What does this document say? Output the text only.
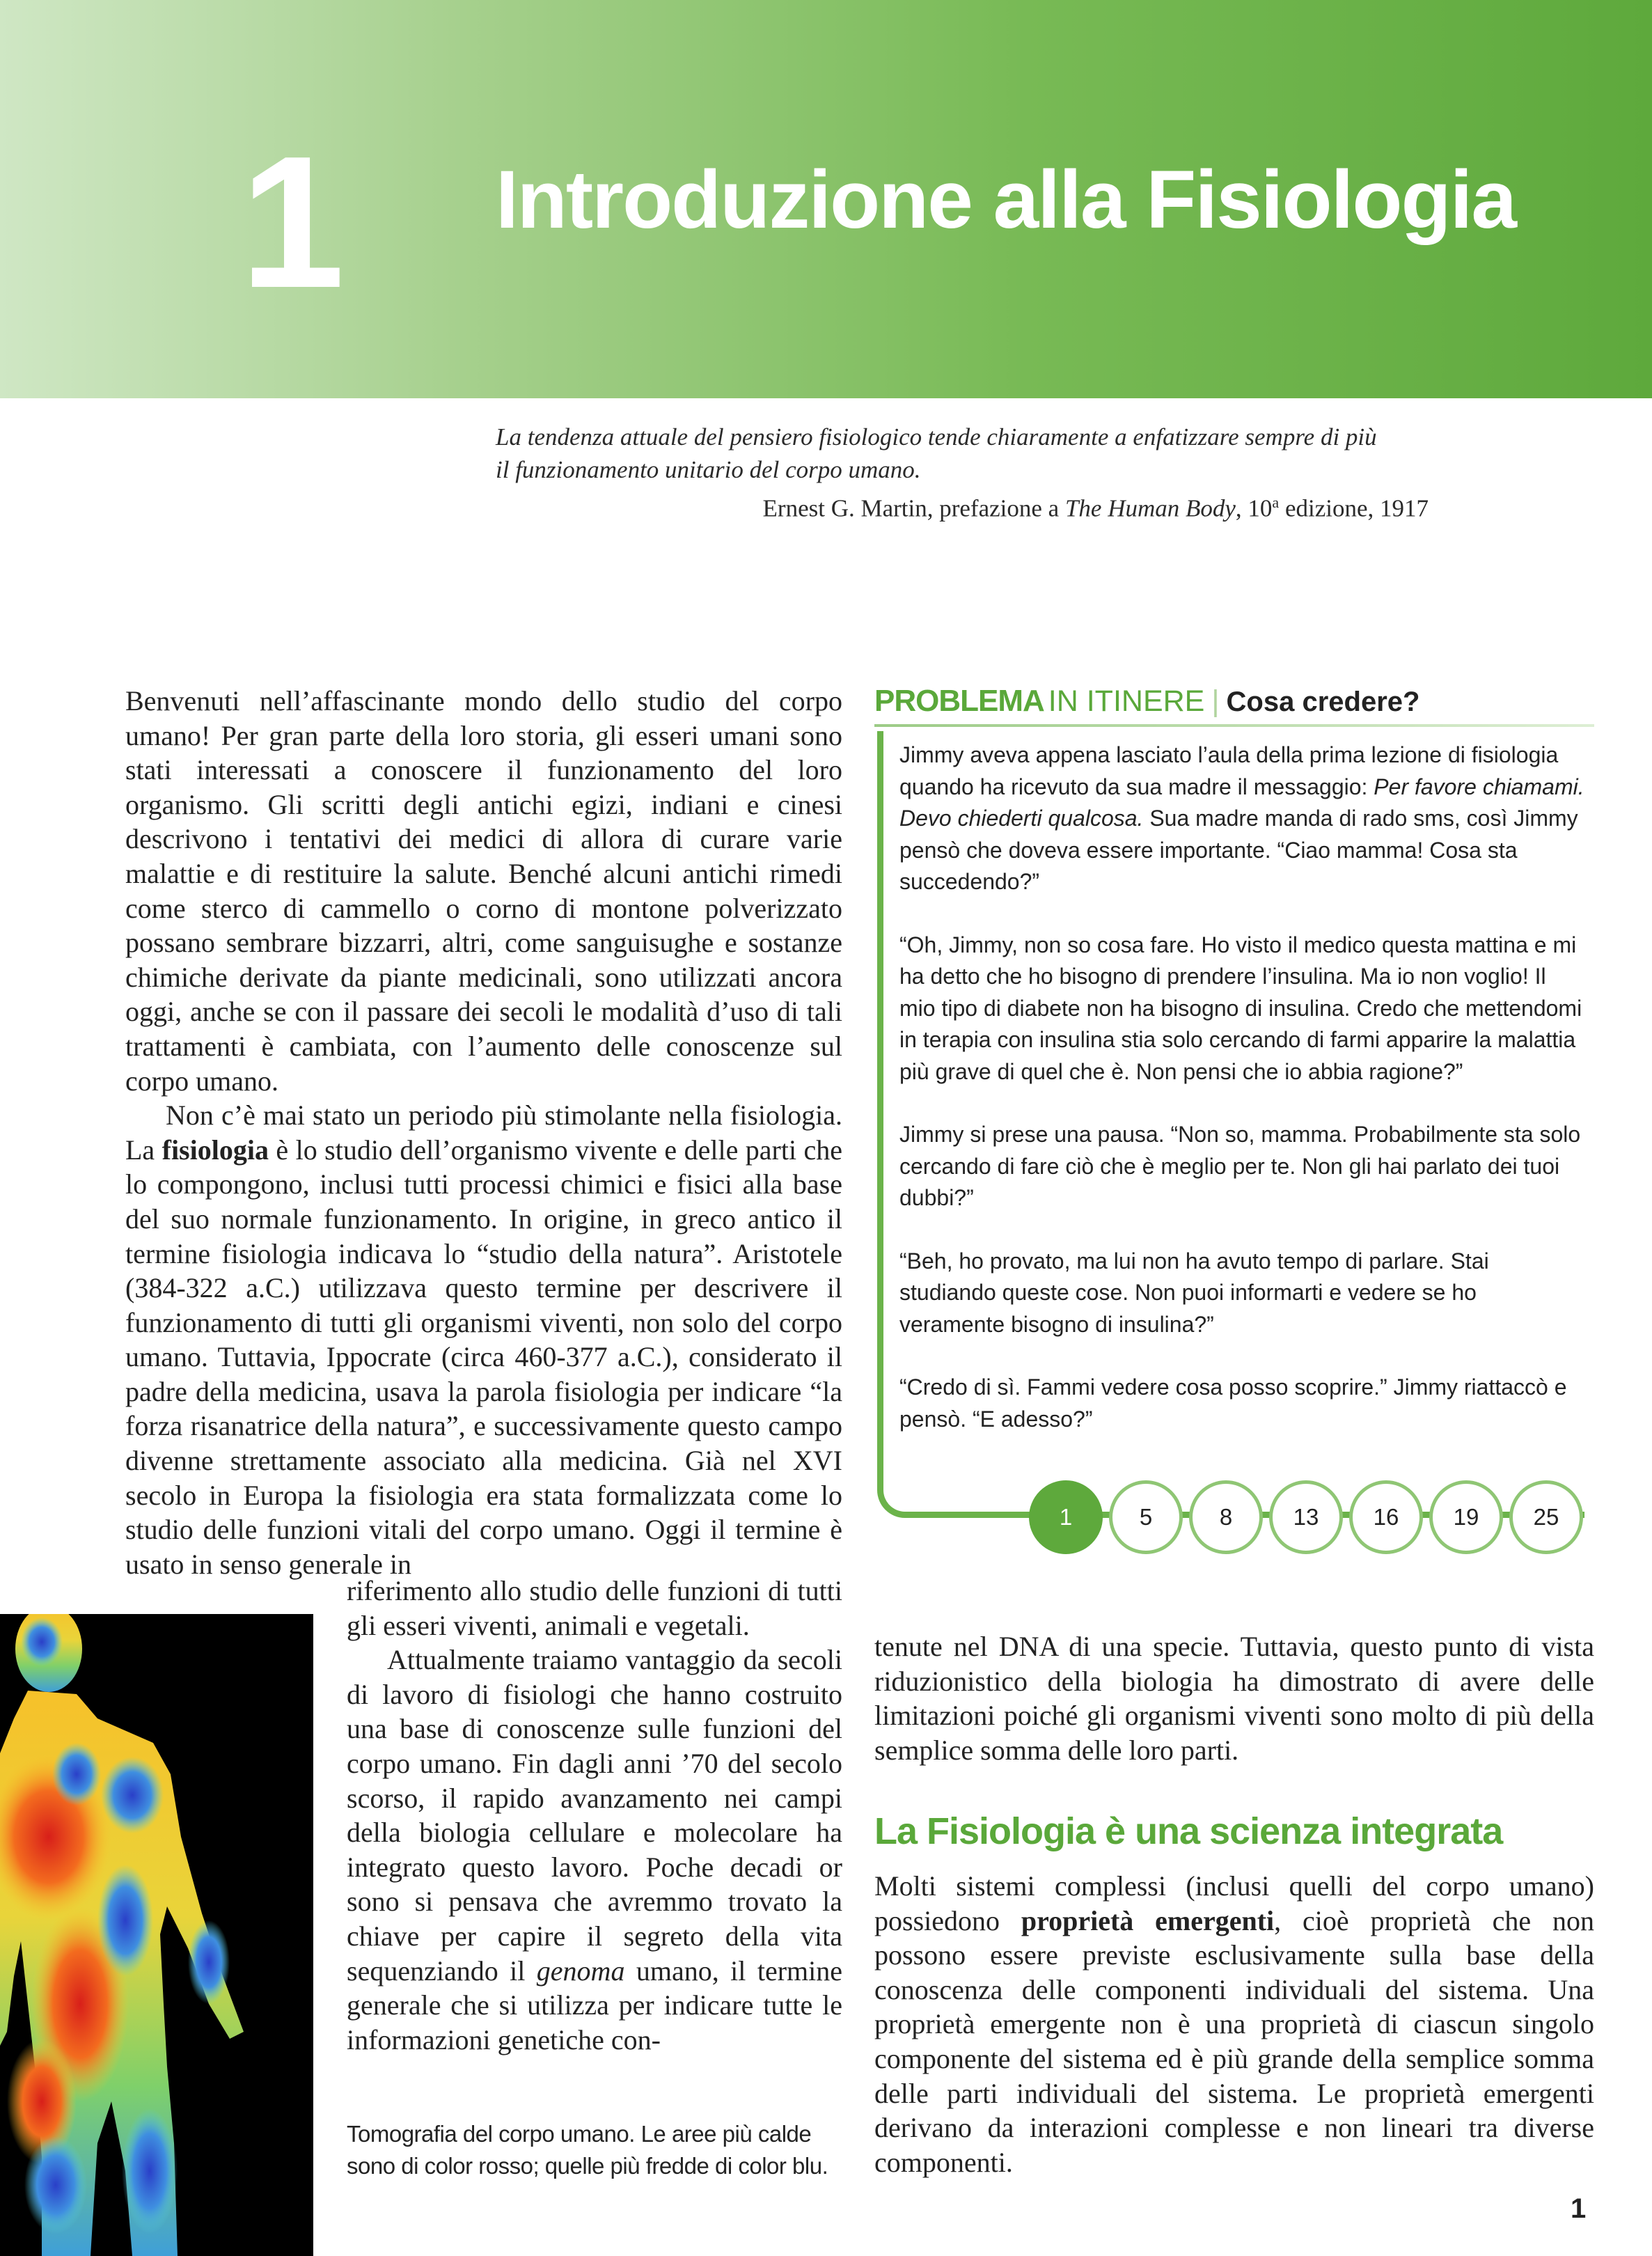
1 Introduzione alla Fisiologia
La tendenza attuale del pensiero fisiologico tende chiaramente a enfatizzare sempre di più
il funzionamento unitario del corpo umano.
Ernest G. Martin, prefazione a The Human Body, 10$^a$ edizione, 1917

Benvenuti nell’affascinante mondo dello studio del corpo umano! Per gran parte della loro storia, gli esseri umani sono stati interessati a conoscere il funzionamento del loro organismo. Gli scritti degli antichi egizi, indiani e cinesi descrivono i tentativi dei medici di allora di curare varie malattie e di restituire la salute. Benché alcuni antichi rimedi come sterco di cammello o corno di montone polverizzato possano sembrare bizzarri, altri, come sanguisughe e sostanze chimiche derivate da piante medicinali, sono utilizzati ancora oggi, anche se con il passare dei secoli le modalità d’uso di tali trattamenti è cambiata, con l’aumento delle conoscenze sul corpo umano.

Non c’è mai stato un periodo più stimolante nella fisiologia. La fisiologia è lo studio dell’organismo vivente e delle parti che lo compongono, inclusi tutti processi chimici e fisici alla base del suo normale funzionamento. In origine, in greco antico il termine fisiologia indicava lo “studio della natura”. Aristotele (384-322 a.C.) utilizzava questo termine per descrivere il funzionamento di tutti gli organismi viventi, non solo del corpo umano. Tuttavia, Ippocrate (circa 460-377 a.C.), considerato il padre della medicina, usava la parola fisiologia per indicare “la forza risanatrice della natura”, e successivamente questo campo divenne strettamente associato alla medicina. Già nel XVI secolo in Europa la fisiologia era stata formalizzata come lo studio delle funzioni vitali del corpo umano. Oggi il termine è usato in senso generale in

riferimento allo studio delle funzioni di tutti gli esseri viventi, animali e vegetali.

Attualmente traiamo vantaggio da secoli di lavoro di fisiologi che hanno costruito una base di conoscenze sulle funzioni del corpo umano. Fin dagli anni ’70 del secolo scorso, il rapido avanzamento nei campi della biologia cellulare e molecolare ha integrato questo lavoro. Poche decadi or sono si pensava che avremmo trovato la chiave per capire il segreto della vita sequenziando il genoma umano, il termine generale che si utilizza per indicare tutte le informazioni genetiche con-

PROBLEMA IN ITINERE | Cosa credere?

Jimmy aveva appena lasciato l’aula della prima lezione di fisiologia quando ha ricevuto da sua madre il messaggio: Per favore chiamami. Devo chiederti qualcosa. Sua madre manda di rado sms, così Jimmy pensò che doveva essere importante. “Ciao mamma! Cosa sta succedendo?”

“Oh, Jimmy, non so cosa fare. Ho visto il medico questa mattina e mi ha detto che ho bisogno di prendere l’insulina. Ma io non voglio! Il mio tipo di diabete non ha bisogno di insulina. Credo che mettendomi in terapia con insulina stia solo cercando di farmi apparire la malattia più grave di quel che è. Non pensi che io abbia ragione?”

Jimmy si prese una pausa. “Non so, mamma. Probabilmente sta solo cercando di fare ciò che è meglio per te. Non gli hai parlato dei tuoi dubbi?”

“Beh, ho provato, ma lui non ha avuto tempo di parlare. Stai studiando queste cose. Non puoi informarti e vedere se ho veramente bisogno di insulina?”

“Credo di sì. Fammi vedere cosa posso scoprire.” Jimmy riattaccò e pensò. “E adesso?”

1	5	8	13	16	19	25

tenute nel DNA di una specie. Tuttavia, questo punto di vista riduzionistico della biologia ha dimostrato di avere delle limitazioni poiché gli organismi viventi sono molto di più della semplice somma delle loro parti.

La Fisiologia è una scienza integrata

Molti sistemi complessi (inclusi quelli del corpo umano) possiedono proprietà emergenti, cioè proprietà che non possono essere previste esclusivamente sulla base della conoscenza delle componenti individuali del sistema. Una proprietà emergente non è una proprietà di ciascun singolo componente del sistema ed è più grande della semplice somma delle parti individuali del sistema. Le proprietà emergenti derivano da interazioni complesse e non lineari tra diverse componenti.

Tomografia del corpo umano. Le aree più calde
sono di color rosso; quelle più fredde di color blu.
1
